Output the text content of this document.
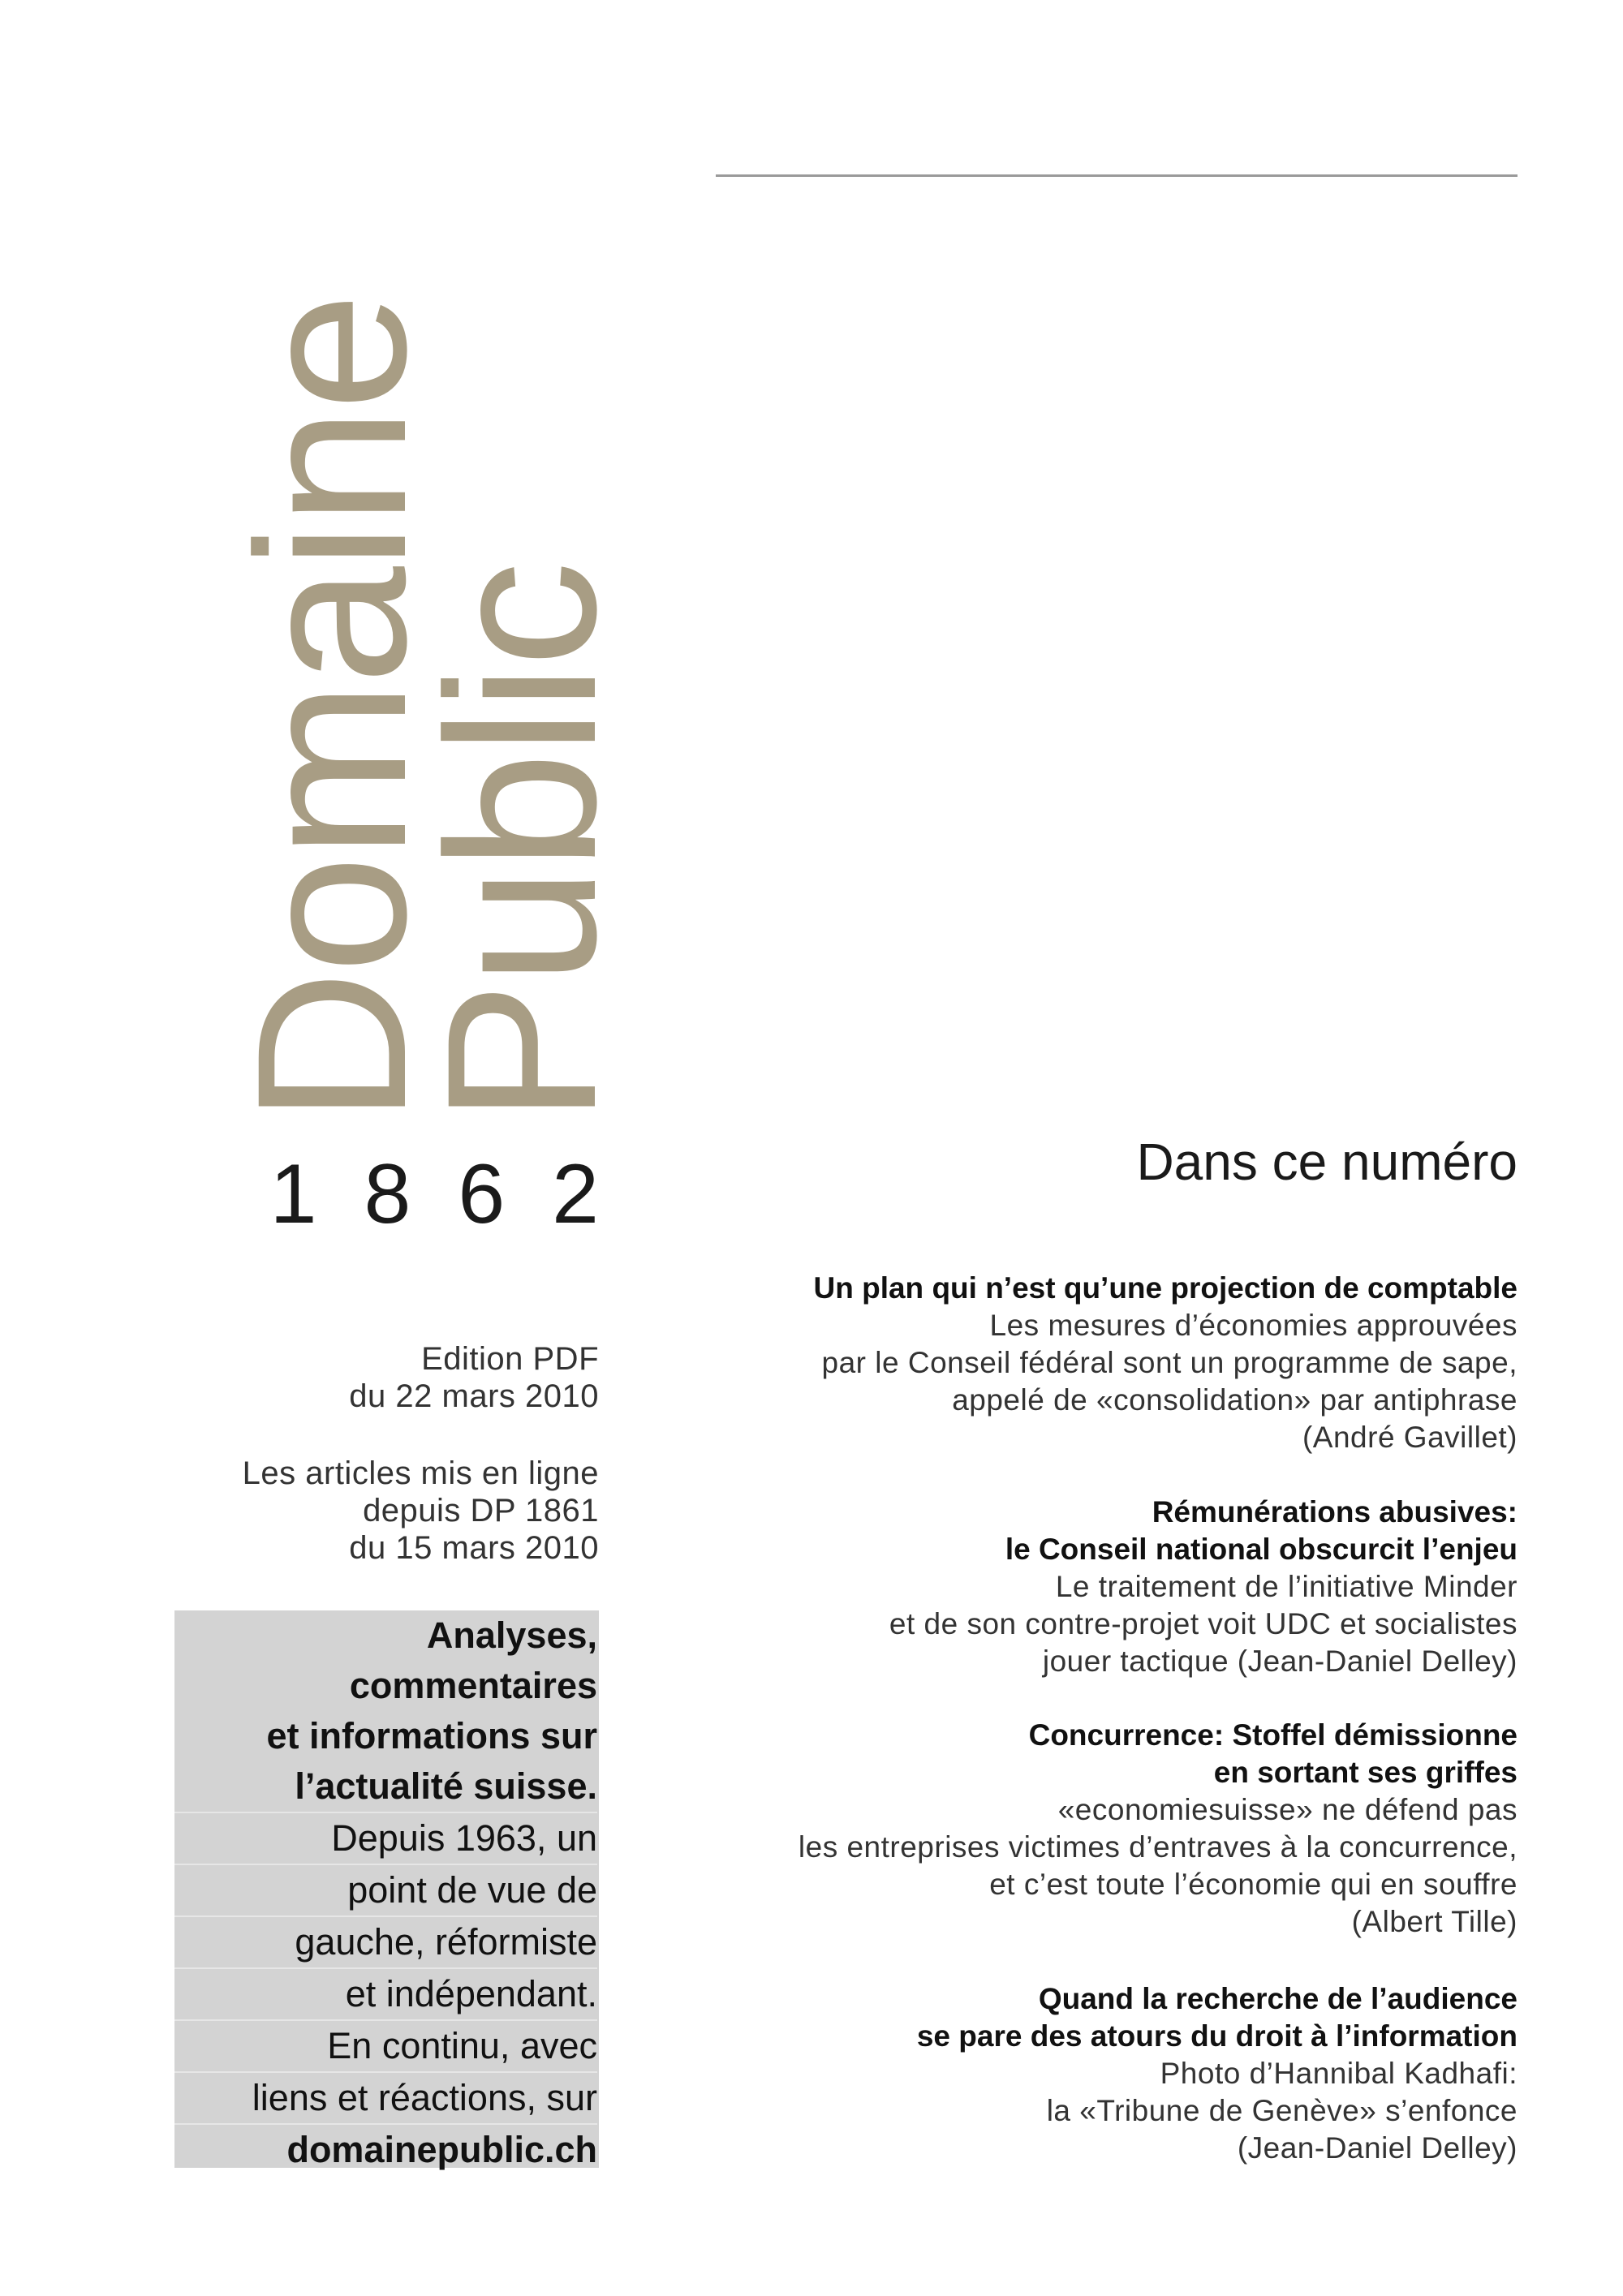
Domaine
Public
1862
Edition PDF
du 22 mars 2010
Les articles mis en ligne
depuis DP 1861
du 15 mars 2010
Analyses,
commentaires
et informations sur
l’actualité suisse.
Depuis 1963, un
point de vue de
gauche, réformiste
et indépendant.
En continu, avec
liens et réactions, sur
domainepublic.ch
Dans ce numéro
Un plan qui n’est qu’une projection de comptable
Les mesures d’économies approuvées
par le Conseil fédéral sont un programme de sape,
appelé de «consolidation» par antiphrase
(André Gavillet)
Rémunérations abusives:
le Conseil national obscurcit l’enjeu
Le traitement de l’initiative Minder
et de son contre-projet voit UDC et socialistes
jouer tactique (Jean-Daniel Delley)
Concurrence: Stoffel démissionne
en sortant ses griffes
«economiesuisse» ne défend pas
les entreprises victimes d’entraves à la concurrence,
et c’est toute l’économie qui en souffre
(Albert Tille)
Quand la recherche de l’audience
se pare des atours du droit à l’information
Photo d’Hannibal Kadhafi:
la «Tribune de Genève» s’enfonce
(Jean-Daniel Delley)
